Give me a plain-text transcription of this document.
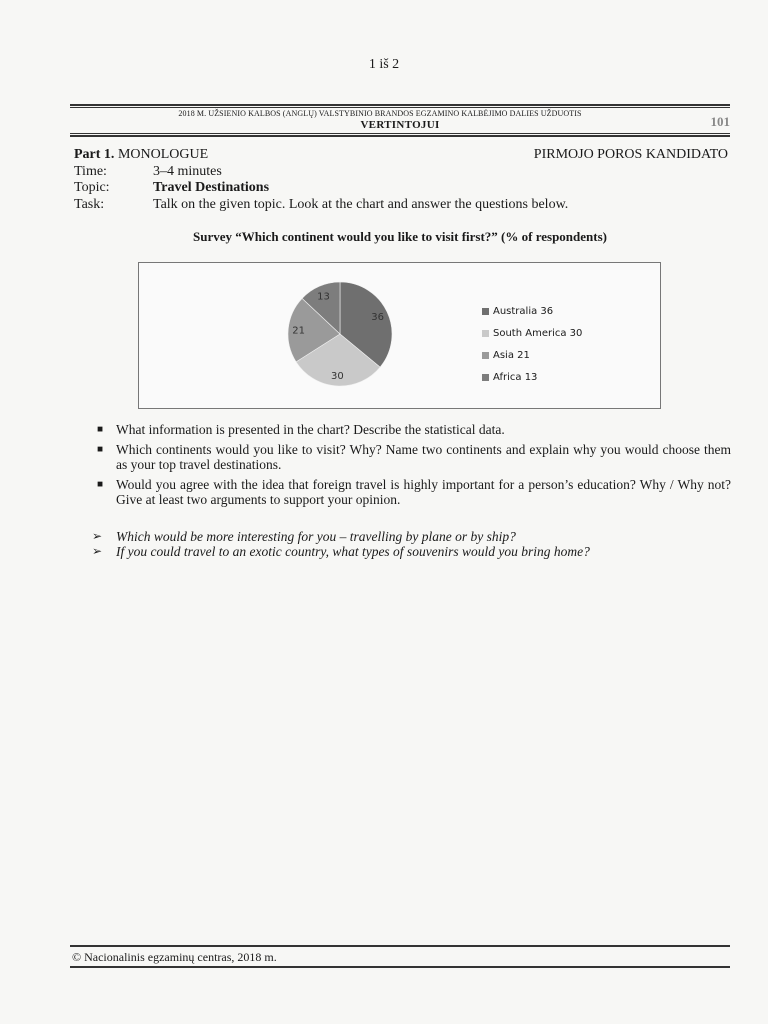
1 iš 2
2018 M. UŽSIENIO KALBOS (ANGLŲ) VALSTYBINIO BRANDOS EGZAMINO KALBĖJIMO DALIES UŽDUOTIS
VERTINTOJUI	101
Part 1. MONOLOGUE	PIRMOJO POROS KANDIDATO
Time:	3–4 minutes
Topic:	Travel Destinations
Task:	Talk on the given topic. Look at the chart and answer the questions below.
Survey “Which continent would you like to visit first?” (% of respondents)
36
30
21
13
Australia 36
South America 30
Asia 21
Africa 13
■ What information is presented in the chart? Describe the statistical data.
■ Which continents would you like to visit? Why? Name two continents and explain why you would choose them as your top travel destinations.
■ Would you agree with the idea that foreign travel is highly important for a person’s education? Why / Why not? Give at least two arguments to support your opinion.
➢ Which would be more interesting for you – travelling by plane or by ship?
➢ If you could travel to an exotic country, what types of souvenirs would you bring home?
© Nacionalinis egzaminų centras, 2018 m.
